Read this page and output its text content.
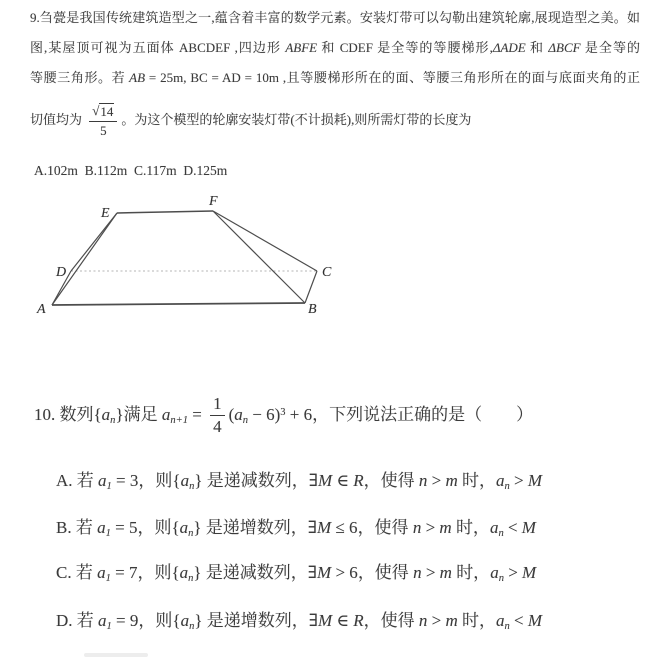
9.刍甍是我国传统建筑造型之一,蕴含着丰富的数学元素。安装灯带可以勾勒出建筑轮廓,展现造型之美。如
图,某屋顶可视为五面体 ABCDEF ,四边形 ABFE 和 CDEF 是全等的等腰梯形,ΔADE 和 ΔBCF 是全等的
等腰三角形。若 AB = 25m, BC = AD = 10m ,且等腰梯形所在的面、等腰三角形所在的面与底面夹角的正
切值均为 $\frac{√14}{5}$ 。为这个模型的轮廓安装灯带(不计损耗),则所需灯带的长度为
A.102m  B.112m  C.117m  D.125m
A	B
C
D
E
F
10. 数列$\{a_n\}$满足 $a_{n+1} = \frac{1}{4} (a_n - 6)^3 + 6$，下列说法正确的是（　　）
A. 若 $a_1 = 3$，则$\{a_n\}$ 是递减数列，∃M ∈ R，使得 n > m 时，$a_n > M$
B. 若 $a_1 = 5$，则$\{a_n\}$ 是递增数列，∃M ≤ 6，使得 n > m 时，$a_n < M$
C. 若 $a_1 = 7$，则$\{a_n\}$ 是递减数列，∃M > 6，使得 n > m 时，$a_n > M$
D. 若 $a_1 = 9$，则$\{a_n\}$ 是递增数列，∃M ∈ R，使得 n > m 时，$a_n < M$
